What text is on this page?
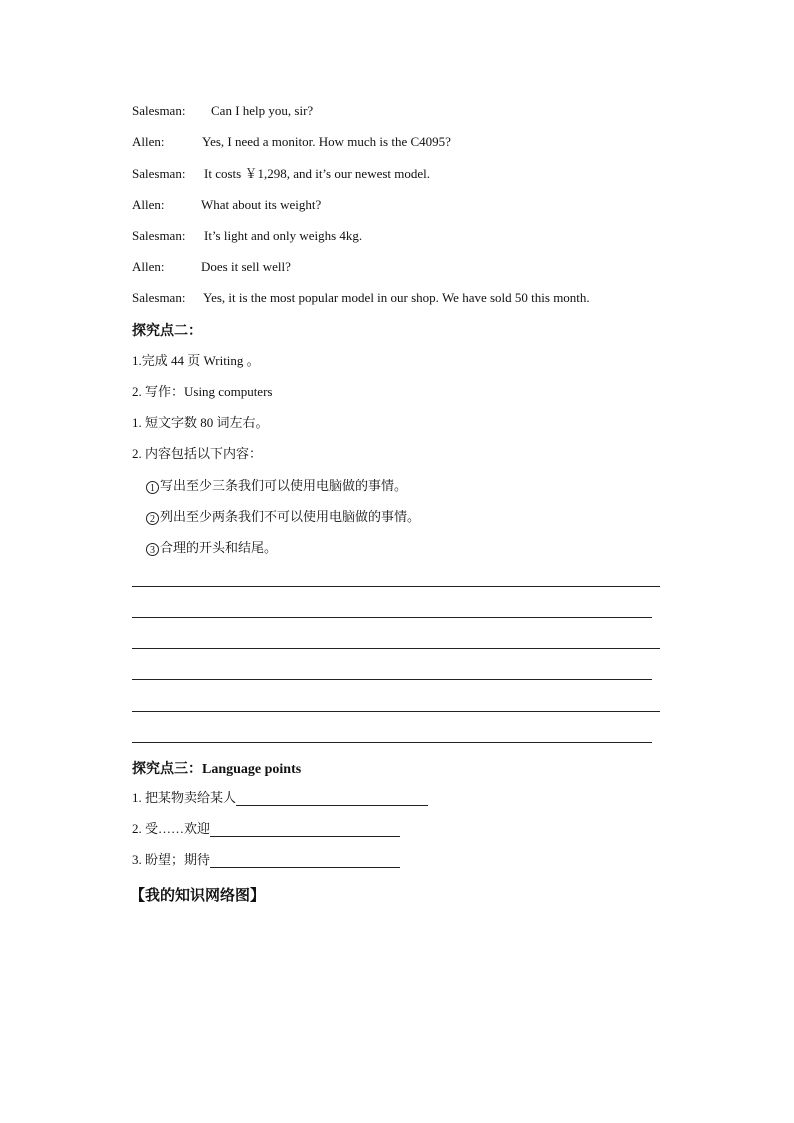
Salesman: Can I help you, sir?
Allen:	Yes, I need a monitor. How much is the C4095?
Salesman: It costs ￥1,298, and it’s our newest model.
Allen:	What about its weight?
Salesman: It’s light and only weighs 4kg.
Allen:	Does it sell well?
Salesman: Yes, it is the most popular model in our shop. We have sold 50 this month.
探究点二：
1.完成 44 页 Writing 。
2. 写作：Using computers
1. 短文字数 80 词左右。
2. 内容包括以下内容：
1 写出至少三条我们可以使用电脑做的事情。
2 列出至少两条我们不可以使用电脑做的事情。
3 合理的开头和结尾。
探究点三：Language points
1. 把某物卖给某人
2. 受……欢迎
3. 盼望；期待
【我的知识网络图】
